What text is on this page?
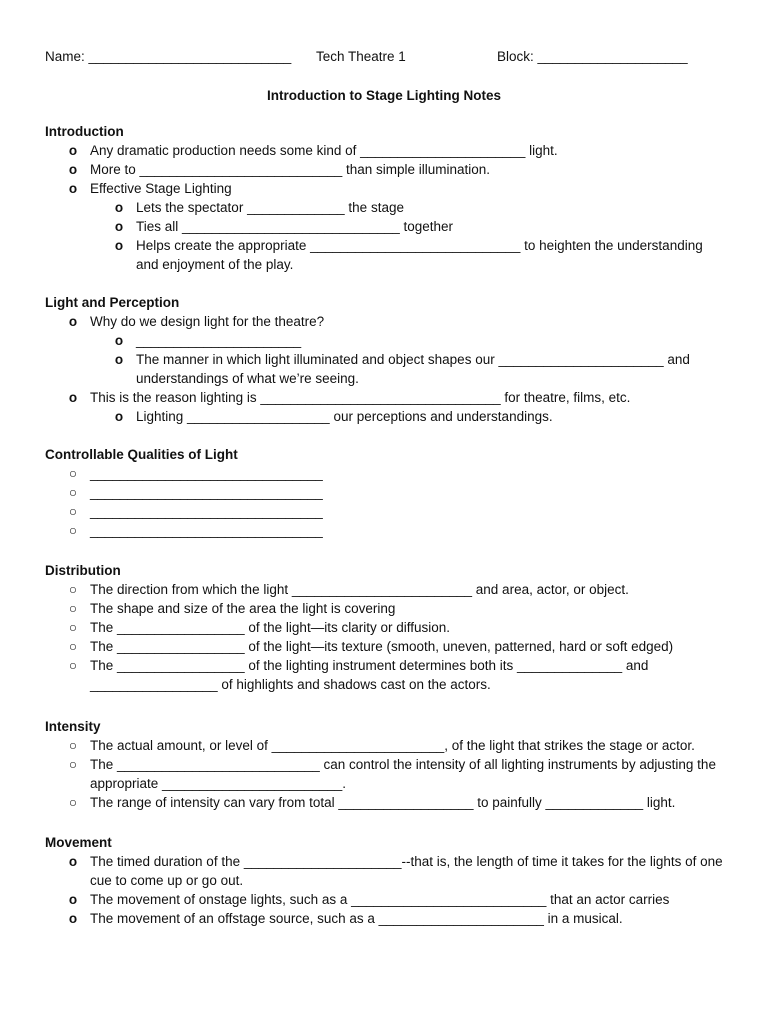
Name: ___________________________ Tech Theatre 1	Block: ____________________
Introduction to Stage Lighting Notes
Introduction
o Any dramatic production needs some kind of ______________________ light.
o More to ___________________________ than simple illumination.
o Effective Stage Lighting
o Lets the spectator _____________ the stage
o Ties all _____________________________ together
o Helps create the appropriate ____________________________ to heighten the understanding and enjoyment of the play.
Light and Perception
o Why do we design light for the theatre?
o ______________________
o The manner in which light illuminated and object shapes our ______________________ and understandings of what we’re seeing.
o This is the reason lighting is ________________________________ for theatre, films, etc.
o Lighting ___________________ our perceptions and understandings.
Controllable Qualities of Light
○ _______________________________
○ _______________________________
○ _______________________________
○ _______________________________
Distribution
○ The direction from which the light ________________________ and area, actor, or object.
○ The shape and size of the area the light is covering
○ The _________________ of the light—its clarity or diffusion.
○ The _________________ of the light—its texture (smooth, uneven, patterned, hard or soft edged)
○ The _________________ of the lighting instrument determines both its ______________ and _________________ of highlights and shadows cast on the actors.
Intensity
○ The actual amount, or level of _______________________, of the light that strikes the stage or actor.
○ The ___________________________ can control the intensity of all lighting instruments by adjusting the appropriate ________________________.
○ The range of intensity can vary from total __________________ to painfully _____________ light.
Movement
o The timed duration of the _____________________--that is, the length of time it takes for the lights of one cue to come up or go out.
o The movement of onstage lights, such as a __________________________ that an actor carries
o The movement of an offstage source, such as a ______________________ in a musical.
